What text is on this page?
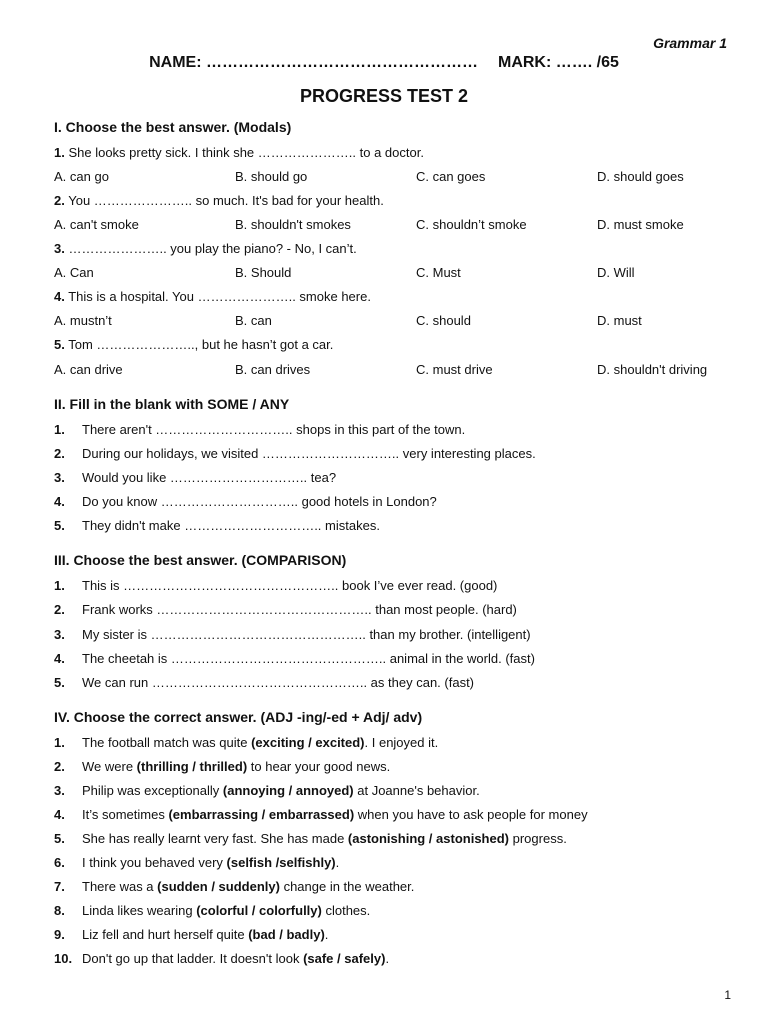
Grammar 1
NAME: …………………………………………… MARK: ……. /65
PROGRESS TEST 2
I. Choose the best answer. (Modals)
1. She looks pretty sick. I think she ………………….. to a doctor.
A. can go	B. should go	C. can goes	D. should goes
2. You ………………….. so much. It's bad for your health.
A. can't smoke	B. shouldn't smokes	C. shouldn’t smoke	D. must smoke
3. ………………….. you play the piano? - No, I can’t.
A. Can	B. Should	C. Must	D. Will
4. This is a hospital. You ………………….. smoke here.
A. mustn’t	B. can	C. should	D. must
5. Tom ………………….., but he hasn’t got a car.
A. can drive	B. can drives	C. must drive	D. shouldn't driving
II. Fill in the blank with SOME / ANY
1. There aren't ………………………….. shops in this part of the town.
2. During our holidays, we visited ………………………….. very interesting places.
3. Would you like ………………………….. tea?
4. Do you know ………………………….. good hotels in London?
5. They didn't make ………………………….. mistakes.
III. Choose the best answer. (COMPARISON)
1. This is ………………………………………….. book I’ve ever read. (good)
2. Frank works ………………………………………….. than most people. (hard)
3. My sister is ………………………………………….. than my brother. (intelligent)
4. The cheetah is ………………………………………….. animal in the world. (fast)
5. We can run ………………………………………….. as they can. (fast)
IV. Choose the correct answer. (ADJ -ing/-ed + Adj/ adv)
1. The football match was quite (exciting / excited). I enjoyed it.
2. We were (thrilling / thrilled) to hear your good news.
3. Philip was exceptionally (annoying / annoyed) at Joanne's behavior.
4. It’s sometimes (embarrassing / embarrassed) when you have to ask people for money
5. She has really learnt very fast. She has made (astonishing / astonished) progress.
6. I think you behaved very (selfish /selfishly).
7. There was a (sudden / suddenly) change in the weather.
8. Linda likes wearing (colorful / colorfully) clothes.
9. Liz fell and hurt herself quite (bad / badly).
10. Don't go up that ladder. It doesn't look (safe / safely).
1
